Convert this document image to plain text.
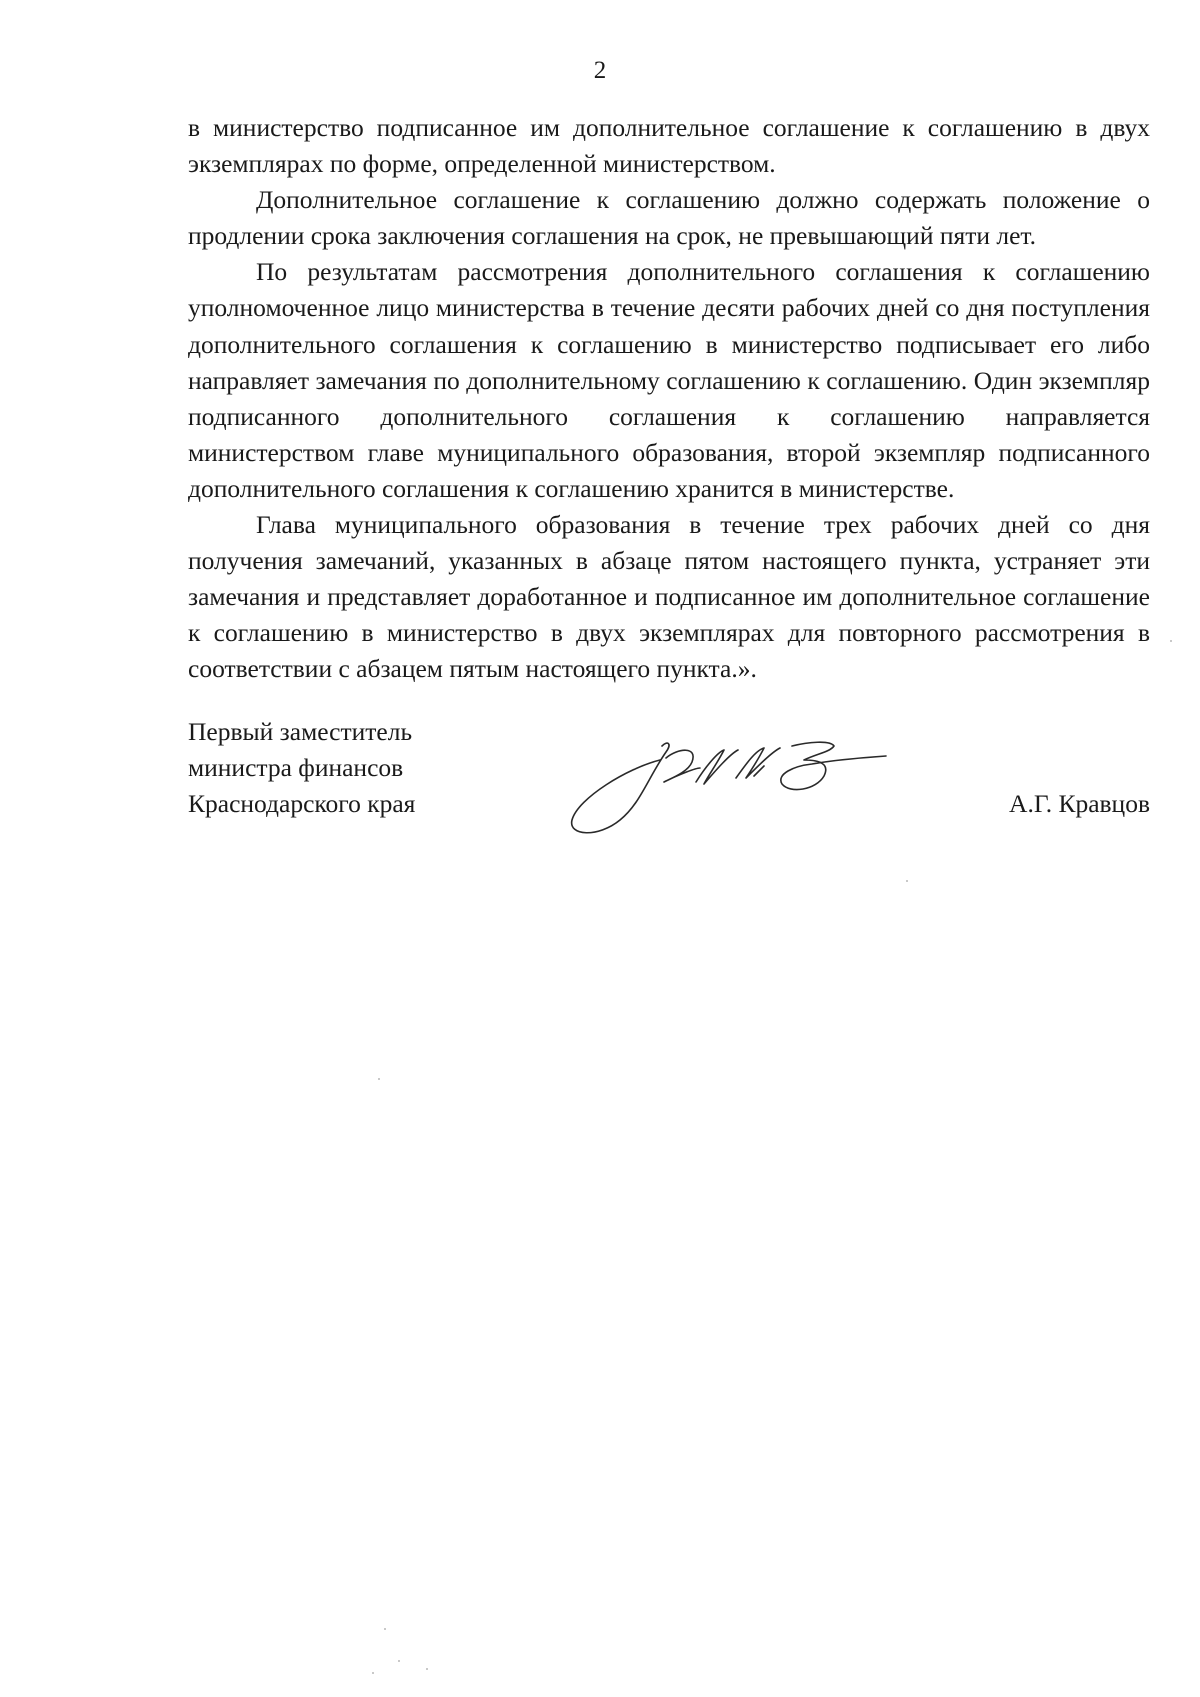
2

в министерство подписанное им дополнительное соглашение к соглашению в двух экземплярах по форме, определенной министерством.

Дополнительное соглашение к соглашению должно содержать положение о продлении срока заключения соглашения на срок, не превышающий пяти лет.

По результатам рассмотрения дополнительного соглашения к соглашению уполномоченное лицо министерства в течение десяти рабочих дней со дня поступления дополнительного соглашения к соглашению в министерство подписывает его либо направляет замечания по дополнительному соглашению к соглашению. Один экземпляр подписанного дополнительного соглашения к соглашению направляется министерством главе муниципального образования, второй экземпляр подписанного дополнительного соглашения к соглашению хранится в министерстве.

Глава муниципального образования в течение трех рабочих дней со дня получения замечаний, указанных в абзаце пятом настоящего пункта, устраняет эти замечания и представляет доработанное и подписанное им дополнительное соглашение к соглашению в министерство в двух экземплярах для повторного рассмотрения в соответствии с абзацем пятым настоящего пункта.».

Первый заместитель
министра финансов
Краснодарского края	А.Г. Кравцов
